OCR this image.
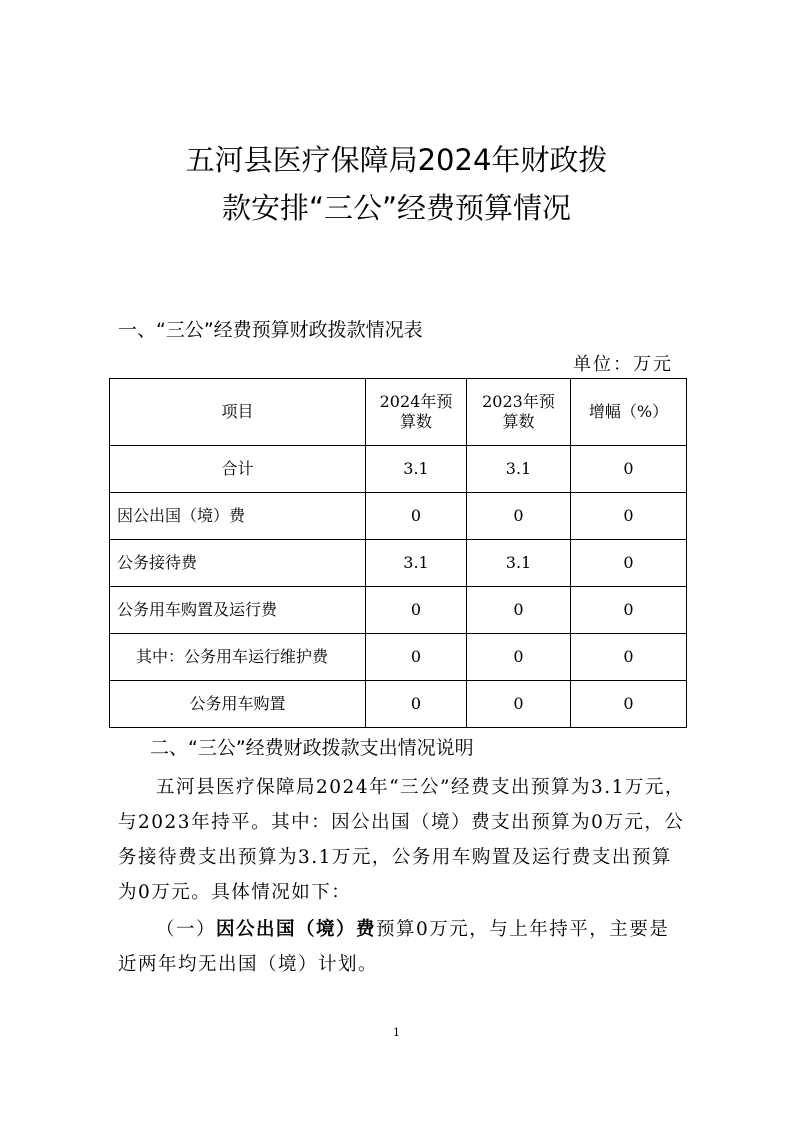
五河县医疗保障局2024年财政拨
款安排“三公”经费预算情况
一、“三公”经费预算财政拨款情况表
单位：万元
项目	2024年预算数	2023年预算数	增幅（%）
合计	3.1	3.1	0
因公出国（境）费	0	0	0
公务接待费	3.1	3.1	0
公务用车购置及运行费	0	0	0
其中：公务用车运行维护费	0	0	0
公务用车购置	0	0	0
二、“三公”经费财政拨款支出情况说明
五河县医疗保障局2024年“三公”经费支出预算为3.1万元，与2023年持平。其中：因公出国（境）费支出预算为0万元，公务接待费支出预算为3.1万元，公务用车购置及运行费支出预算为0万元。具体情况如下：
（一）因公出国（境）费预算0万元，与上年持平，主要是近两年均无出国（境）计划。
1
